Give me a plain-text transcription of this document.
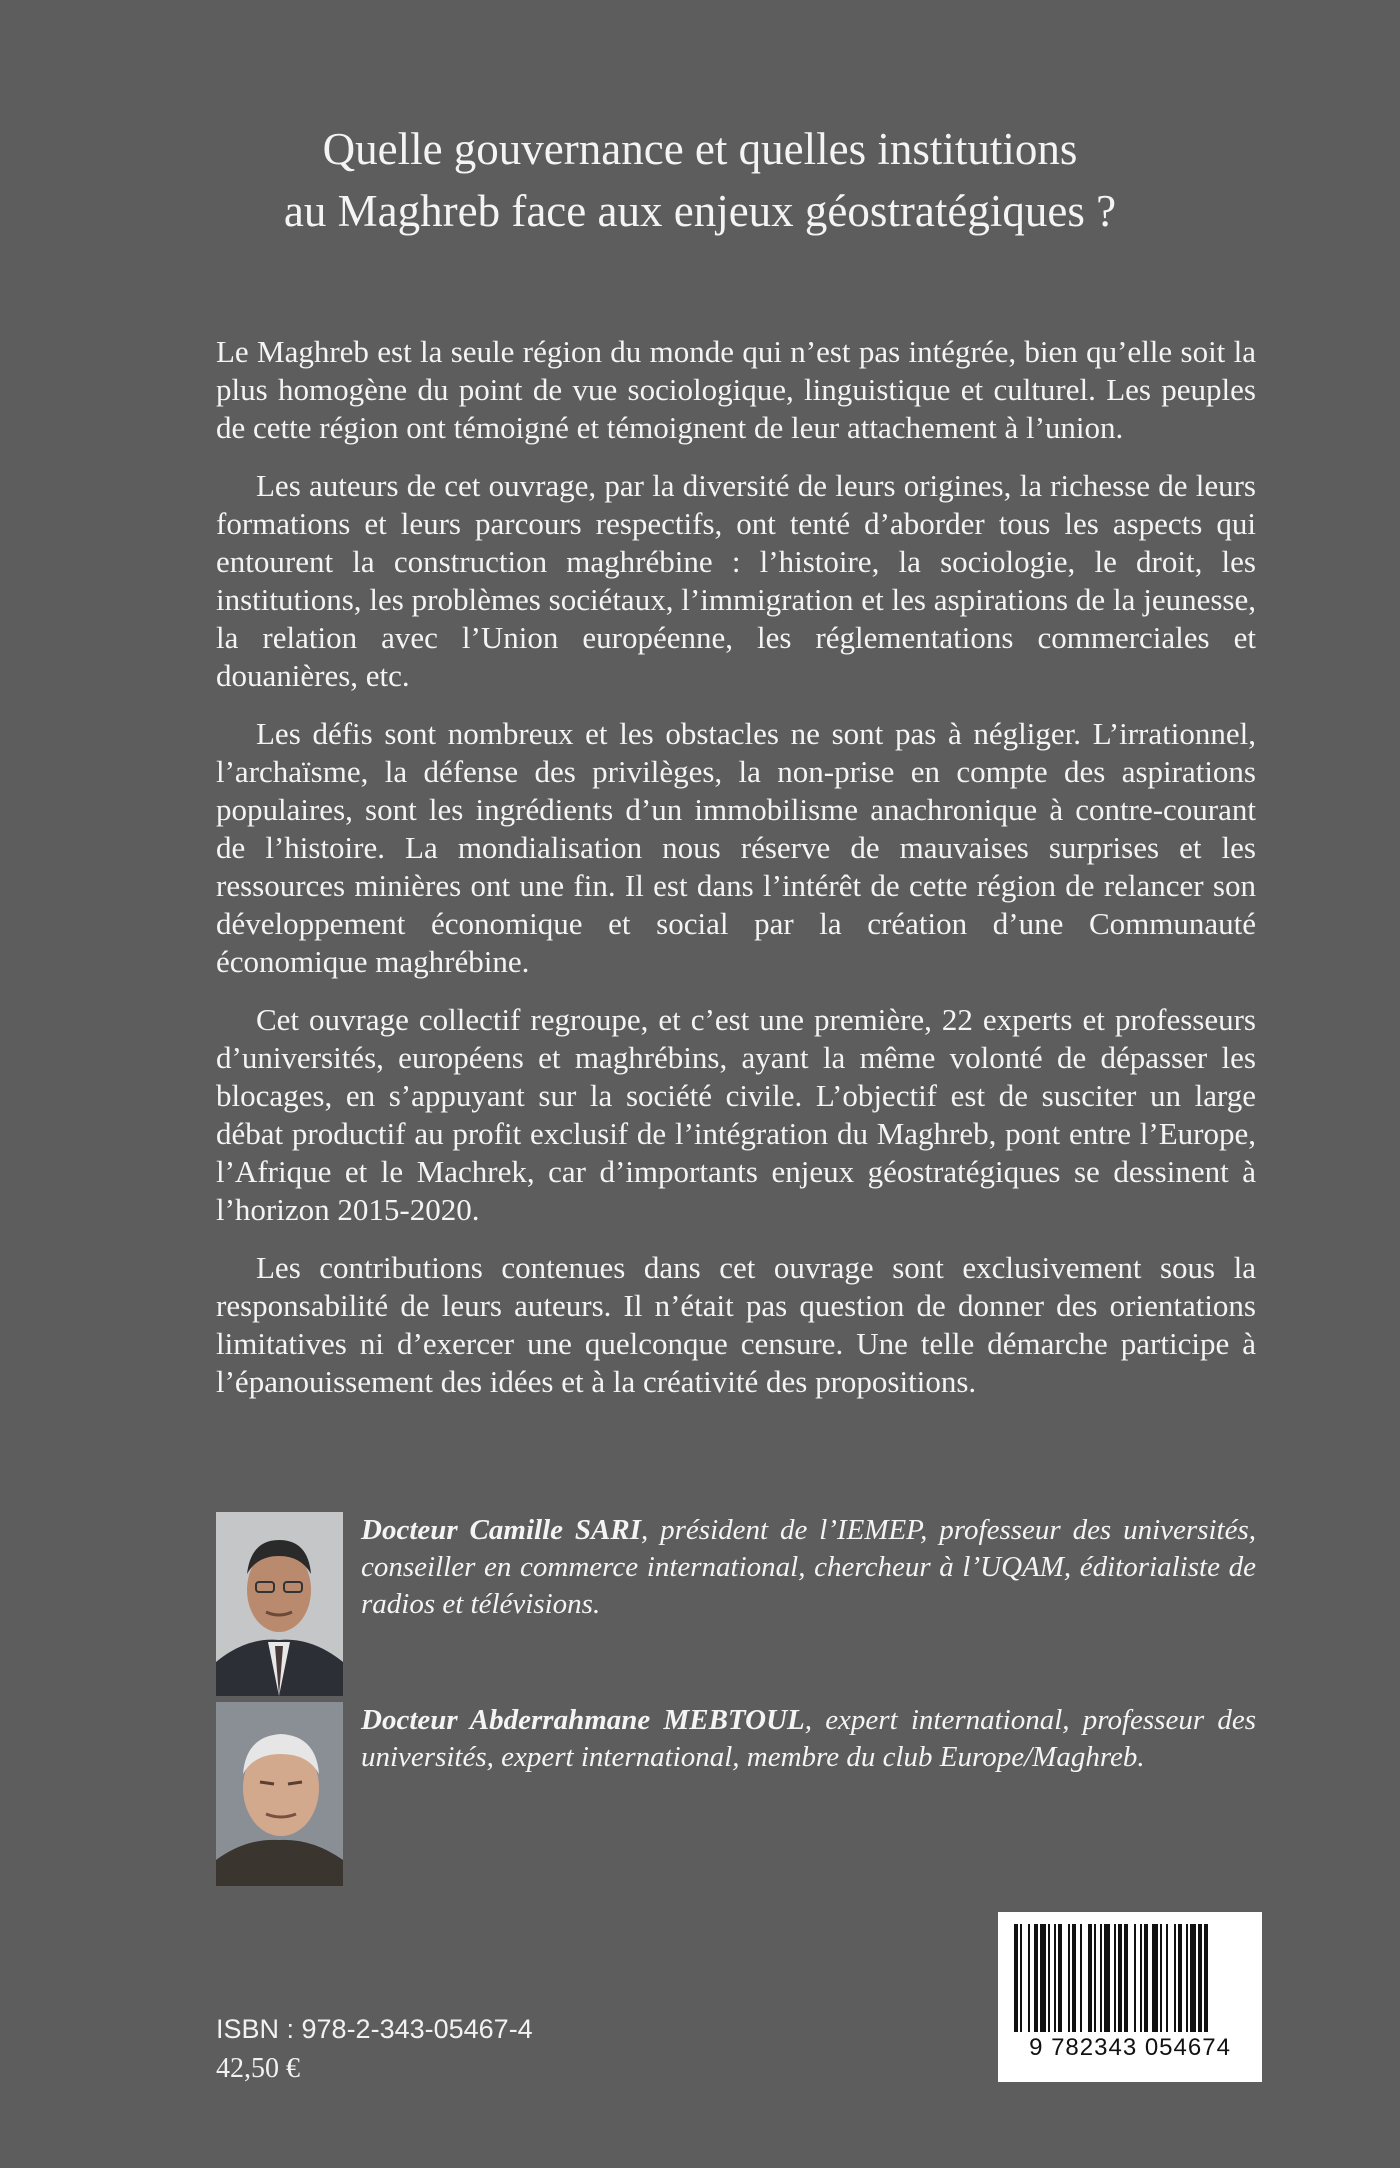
Quelle gouvernance et quelles institutions
au Maghreb face aux enjeux géostratégiques ?

Le Maghreb est la seule région du monde qui n’est pas intégrée, bien qu’elle soit la plus homogène du point de vue sociologique, linguistique et culturel. Les peuples de cette région ont témoigné et témoignent de leur attachement à l’union.

Les auteurs de cet ouvrage, par la diversité de leurs origines, la richesse de leurs formations et leurs parcours respectifs, ont tenté d’aborder tous les aspects qui entourent la construction maghrébine : l’histoire, la sociologie, le droit, les institutions, les problèmes sociétaux, l’immigration et les aspirations de la jeunesse, la relation avec l’Union européenne, les réglementations commerciales et douanières, etc.

Les défis sont nombreux et les obstacles ne sont pas à négliger. L’irrationnel, l’archaïsme, la défense des privilèges, la non-prise en compte des aspirations populaires, sont les ingrédients d’un immobilisme anachronique à contre-courant de l’histoire. La mondialisation nous réserve de mauvaises surprises et les ressources minières ont une fin. Il est dans l’intérêt de cette région de relancer son développement économique et social par la création d’une Communauté économique maghrébine.

Cet ouvrage collectif regroupe, et c’est une première, 22 experts et professeurs d’universités, européens et maghrébins, ayant la même volonté de dépasser les blocages, en s’appuyant sur la société civile. L’objectif est de susciter un large débat productif au profit exclusif de l’intégration du Maghreb, pont entre l’Europe, l’Afrique et le Machrek, car d’importants enjeux géostratégiques se dessinent à l’horizon 2015-2020.

Les contributions contenues dans cet ouvrage sont exclusivement sous la responsabilité de leurs auteurs. Il n’était pas question de donner des orientations limitatives ni d’exercer une quelconque censure. Une telle démarche participe à l’épanouissement des idées et à la créativité des propositions.

Docteur Camille SARI, président de l’IEMEP, professeur des universités, conseiller en commerce international, chercheur à l’UQAM, éditorialiste de radios et télévisions.
Docteur Abderrahmane MEBTOUL, expert international, professeur des universités, expert international, membre du club Europe/Maghreb.
ISBN : 978-2-343-05467-4
42,50 €
9 782343 054674
